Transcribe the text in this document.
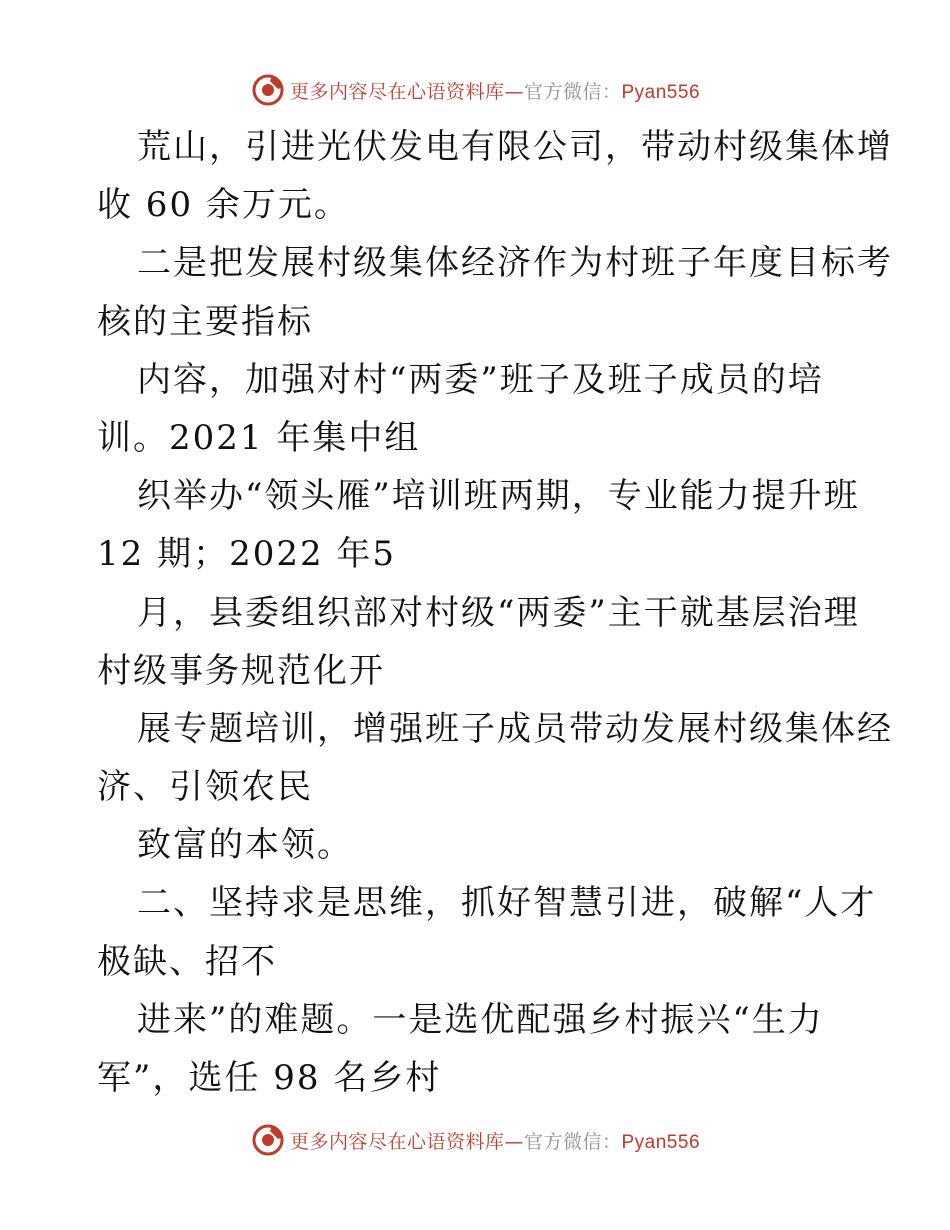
更多内容尽在心语资料库—官方微信：Pyan556
荒山，引进光伏发电有限公司，带动村级集体增
收 60 余万元。
二是把发展村级集体经济作为村班子年度目标考
核的主要指标
内容，加强对村“两委”班子及班子成员的培
训。2021 年集中组
织举办“领头雁”培训班两期，专业能力提升班
12 期；2022 年5
月，县委组织部对村级“两委”主干就基层治理
村级事务规范化开
展专题培训，增强班子成员带动发展村级集体经
济、引领农民
致富的本领。
二、坚持求是思维，抓好智慧引进，破解“人才
极缺、招不
进来”的难题。一是选优配强乡村振兴“生力
军”，选任 98 名乡村
更多内容尽在心语资料库—官方微信：Pyan556
